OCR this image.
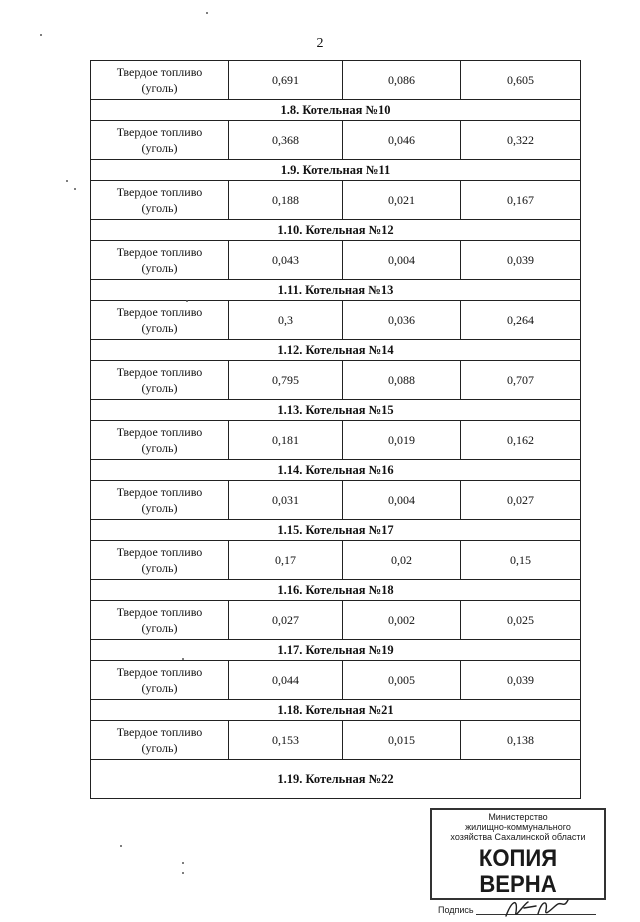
2
Твердое топливо
(уголь)	0,691	0,086	0,605
1.8. Котельная №10			

Твердое топливо
(уголь)	0,368	0,046	0,322
1.9. Котельная №11			

Твердое топливо
(уголь)	0,188	0,021	0,167
1.10. Котельная №12			

Твердое топливо
(уголь)	0,043	0,004	0,039
1.11. Котельная №13			

Твердое топливо
(уголь)	0,3	0,036	0,264
1.12. Котельная №14			

Твердое топливо
(уголь)	0,795	0,088	0,707
1.13. Котельная №15			

Твердое топливо
(уголь)	0,181	0,019	0,162
1.14. Котельная №16			

Твердое топливо
(уголь)	0,031	0,004	0,027
1.15. Котельная №17			

Твердое топливо
(уголь)	0,17	0,02	0,15
1.16. Котельная №18			

Твердое топливо
(уголь)	0,027	0,002	0,025
1.17. Котельная №19			

Твердое топливо
(уголь)	0,044	0,005	0,039
1.18. Котельная №21			

Твердое топливо
(уголь)	0,153	0,015	0,138
1.19. Котельная №22			
Министерство
жилищно-коммунального
хозяйства Сахалинской области
КОПИЯ ВЕРНА
Подпись
